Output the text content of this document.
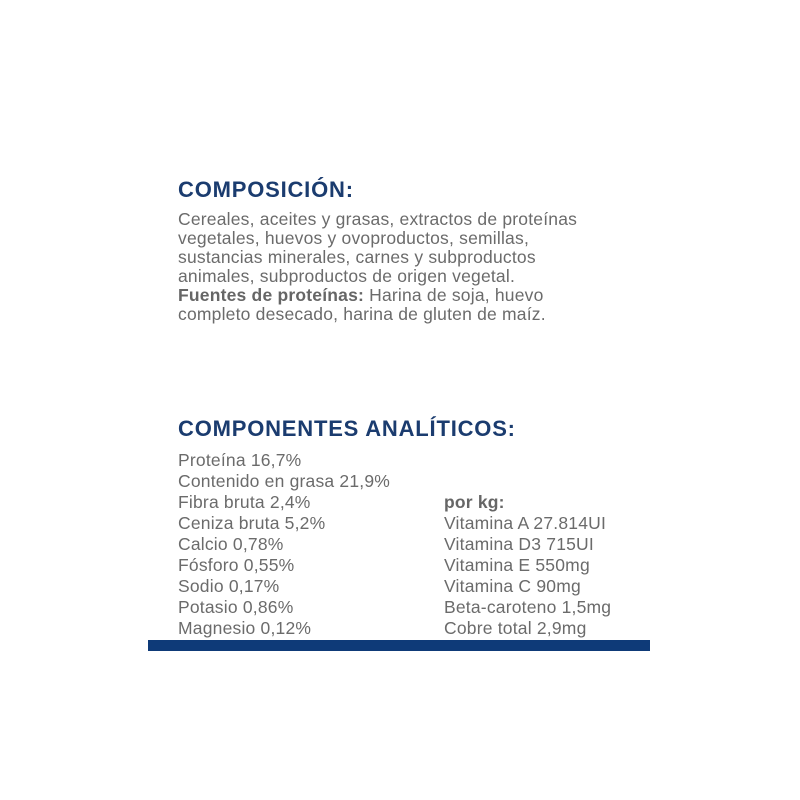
COMPOSICIÓN:
Cereales, aceites y grasas, extractos de proteínas
vegetales, huevos y ovoproductos, semillas,
sustancias minerales, carnes y subproductos
animales, subproductos de origen vegetal.
Fuentes de proteínas: Harina de soja, huevo
completo desecado, harina de gluten de maíz.
COMPONENTES ANALÍTICOS:
Proteína 16,7%
Contenido en grasa 21,9%
Fibra bruta 2,4%
Ceniza bruta 5,2%
Calcio 0,78%
Fósforo 0,55%
Sodio 0,17%
Potasio 0,86%
Magnesio 0,12%
por kg:
Vitamina A 27.814UI
Vitamina D3 715UI
Vitamina E 550mg
Vitamina C 90mg
Beta-caroteno 1,5mg
Cobre total 2,9mg
